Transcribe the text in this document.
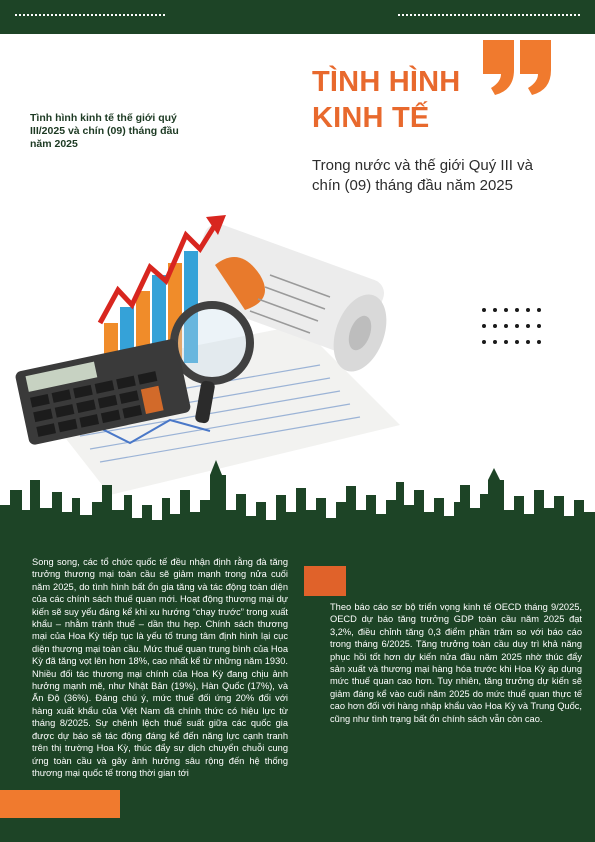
TÌNH HÌNH
KINH TẾ
Trong nước và thế giới Quý III và chín (09) tháng đầu năm 2025
Tình hình kinh tế thế giới quý III/2025 và chín (09) tháng đầu năm 2025
Song song, các tổ chức quốc tế đều nhận định rằng đà tăng trưởng thương mại toàn cầu sẽ giảm mạnh trong nửa cuối năm 2025, do tình hình bất ổn gia tăng và tác động toàn diện của các chính sách thuế quan mới. Hoạt động thương mại dự kiến sẽ suy yếu đáng kể khi xu hướng “chạy trước” trong xuất khẩu – nhằm tránh thuế – dần thu hẹp. Chính sách thương mại của Hoa Kỳ tiếp tục là yếu tố trung tâm định hình lại cục diện thương mại toàn cầu. Mức thuế quan trung bình của Hoa Kỳ đã tăng vọt lên hơn 18%, cao nhất kể từ những năm 1930. Nhiều đối tác thương mại chính của Hoa Kỳ đang chịu ảnh hưởng mạnh mẽ, như Nhật Bản (19%), Hàn Quốc (17%), và Ấn Độ (36%). Đáng chú ý, mức thuế đối ứng 20% đối với hàng xuất khẩu của Việt Nam đã chính thức có hiệu lực từ tháng 8/2025. Sự chênh lệch thuế suất giữa các quốc gia được dự báo sẽ tác động đáng kể đến năng lực cạnh tranh trên thị trường Hoa Kỳ, thúc đẩy sự dịch chuyển chuỗi cung ứng toàn cầu và gây ảnh hưởng sâu rộng đến hệ thống thương mại quốc tế trong thời gian tới
Theo báo cáo sơ bộ triển vọng kinh tế OECD tháng 9/2025, OECD dự báo tăng trưởng GDP toàn cầu năm 2025 đạt 3,2%, điều chỉnh tăng 0,3 điểm phần trăm so với báo cáo trong tháng 6/2025. Tăng trưởng toàn cầu duy trì khả năng phục hồi tốt hơn dự kiến nửa đầu năm 2025 nhờ thúc đẩy sản xuất và thương mại hàng hóa trước khi Hoa Kỳ áp dụng mức thuế quan cao hơn. Tuy nhiên, tăng trưởng dự kiến sẽ giảm đáng kể vào cuối năm 2025 do mức thuế quan thực tế cao hơn đối với hàng nhập khẩu vào Hoa Kỳ và Trung Quốc, cũng như tình trạng bất ổn chính sách vẫn còn cao.
